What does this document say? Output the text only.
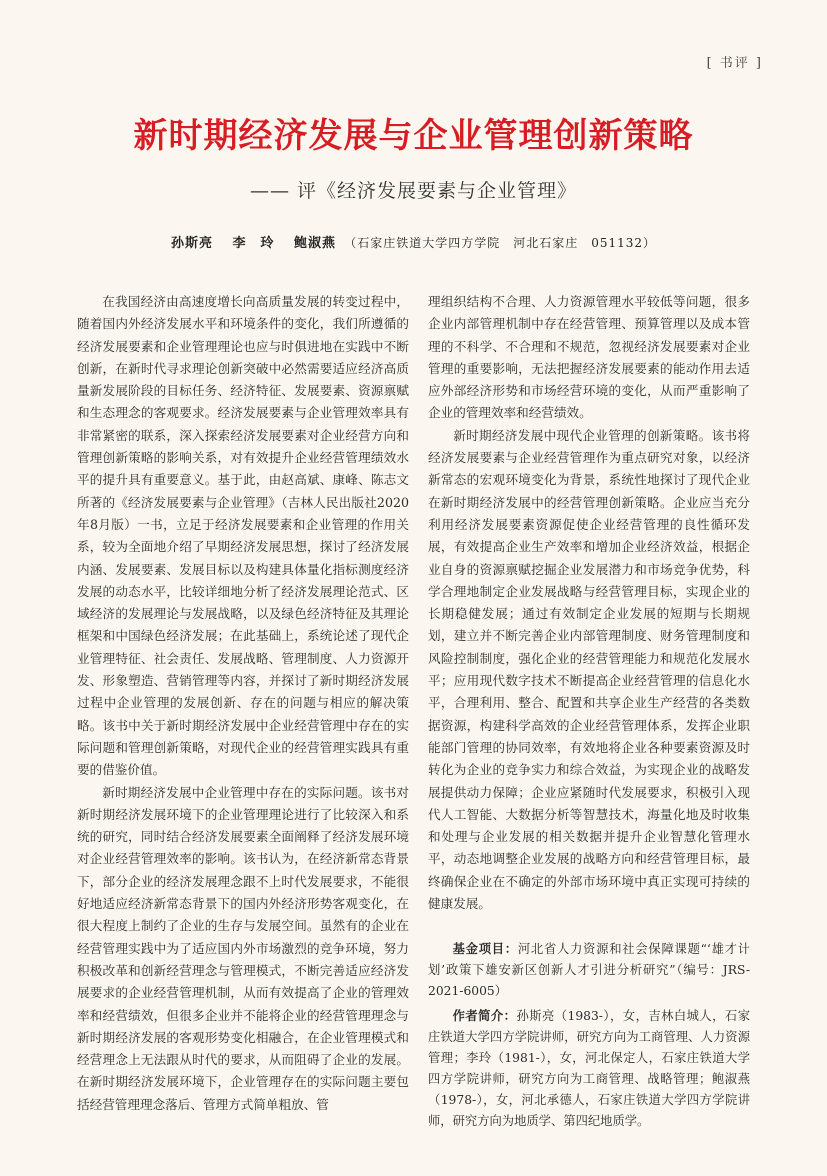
[ 书评 ]
新时期经济发展与企业管理创新策略
—— 评《经济发展要素与企业管理》
孙斯亮　 李　玲　 鲍淑燕 （石家庄铁道大学四方学院　河北石家庄　051132）

在我国经济由高速度增长向高质量发展的转变过程中，随着国内外经济发展水平和环境条件的变化，我们所遵循的经济发展要素和企业管理理论也应与时俱进地在实践中不断创新，在新时代寻求理论创新突破中必然需要适应经济高质量新发展阶段的目标任务、经济特征、发展要素、资源禀赋和生态理念的客观要求。经济发展要素与企业管理效率具有非常紧密的联系，深入探索经济发展要素对企业经营方向和管理创新策略的影响关系，对有效提升企业经营管理绩效水平的提升具有重要意义。基于此，由赵高斌、康峰、陈志文所著的《经济发展要素与企业管理》（吉林人民出版社2020年8月版）一书，立足于经济发展要素和企业管理的作用关系，较为全面地介绍了早期经济发展思想，探讨了经济发展内涵、发展要素、发展目标以及构建具体量化指标测度经济发展的动态水平，比较详细地分析了经济发展理论范式、区域经济的发展理论与发展战略，以及绿色经济特征及其理论框架和中国绿色经济发展；在此基础上，系统论述了现代企业管理特征、社会责任、发展战略、管理制度、人力资源开发、形象塑造、营销管理等内容，并探讨了新时期经济发展过程中企业管理的发展创新、存在的问题与相应的解决策略。该书中关于新时期经济发展中企业经营管理中存在的实际问题和管理创新策略，对现代企业的经营管理实践具有重要的借鉴价值。

新时期经济发展中企业管理中存在的实际问题。该书对新时期经济发展环境下的企业管理理论进行了比较深入和系统的研究，同时结合经济发展要素全面阐释了经济发展环境对企业经营管理效率的影响。该书认为，在经济新常态背景下，部分企业的经济发展理念跟不上时代发展要求，不能很好地适应经济新常态背景下的国内外经济形势客观变化，在很大程度上制约了企业的生存与发展空间。虽然有的企业在经营管理实践中为了适应国内外市场激烈的竞争环境，努力积极改革和创新经营理念与管理模式，不断完善适应经济发展要求的企业经营管理机制，从而有效提高了企业的管理效率和经营绩效，但很多企业并不能将企业的经营管理理念与新时期经济发展的客观形势变化相融合，在企业管理模式和经营理念上无法跟从时代的要求，从而阻碍了企业的发展。在新时期经济发展环境下，企业管理存在的实际问题主要包括经营管理理念落后、管理方式简单粗放、管

理组织结构不合理、人力资源管理水平较低等问题，很多企业内部管理机制中存在经营管理、预算管理以及成本管理的不科学、不合理和不规范，忽视经济发展要素对企业管理的重要影响，无法把握经济发展要素的能动作用去适应外部经济形势和市场经营环境的变化，从而严重影响了企业的管理效率和经营绩效。

新时期经济发展中现代企业管理的创新策略。该书将经济发展要素与企业经营管理作为重点研究对象，以经济新常态的宏观环境变化为背景，系统性地探讨了现代企业在新时期经济发展中的经营管理创新策略。企业应当充分利用经济发展要素资源促使企业经营管理的良性循环发展，有效提高企业生产效率和增加企业经济效益，根据企业自身的资源禀赋挖掘企业发展潜力和市场竞争优势，科学合理地制定企业发展战略与经营管理目标，实现企业的长期稳健发展；通过有效制定企业发展的短期与长期规划，建立并不断完善企业内部管理制度、财务管理制度和风险控制制度，强化企业的经营管理能力和规范化发展水平；应用现代数字技术不断提高企业经营管理的信息化水平，合理利用、整合、配置和共享企业生产经营的各类数据资源，构建科学高效的企业经营管理体系，发挥企业职能部门管理的协同效率，有效地将企业各种要素资源及时转化为企业的竞争实力和综合效益，为实现企业的战略发展提供动力保障；企业应紧随时代发展要求，积极引入现代人工智能、大数据分析等智慧技术，海量化地及时收集和处理与企业发展的相关数据并提升企业智慧化管理水平，动态地调整企业发展的战略方向和经营管理目标，最终确保企业在不确定的外部市场环境中真正实现可持续的健康发展。

基金项目：河北省人力资源和社会保障课题“‘雄才计划’政策下雄安新区创新人才引进分析研究”（编号：JRS-2021-6005）

作者简介：孙斯亮（1983-），女，吉林白城人，石家庄铁道大学四方学院讲师，研究方向为工商管理、人力资源管理；李玲（1981-），女，河北保定人，石家庄铁道大学四方学院讲师，研究方向为工商管理、战略管理；鲍淑燕（1978-），女，河北承德人，石家庄铁道大学四方学院讲师，研究方向为地质学、第四纪地质学。
